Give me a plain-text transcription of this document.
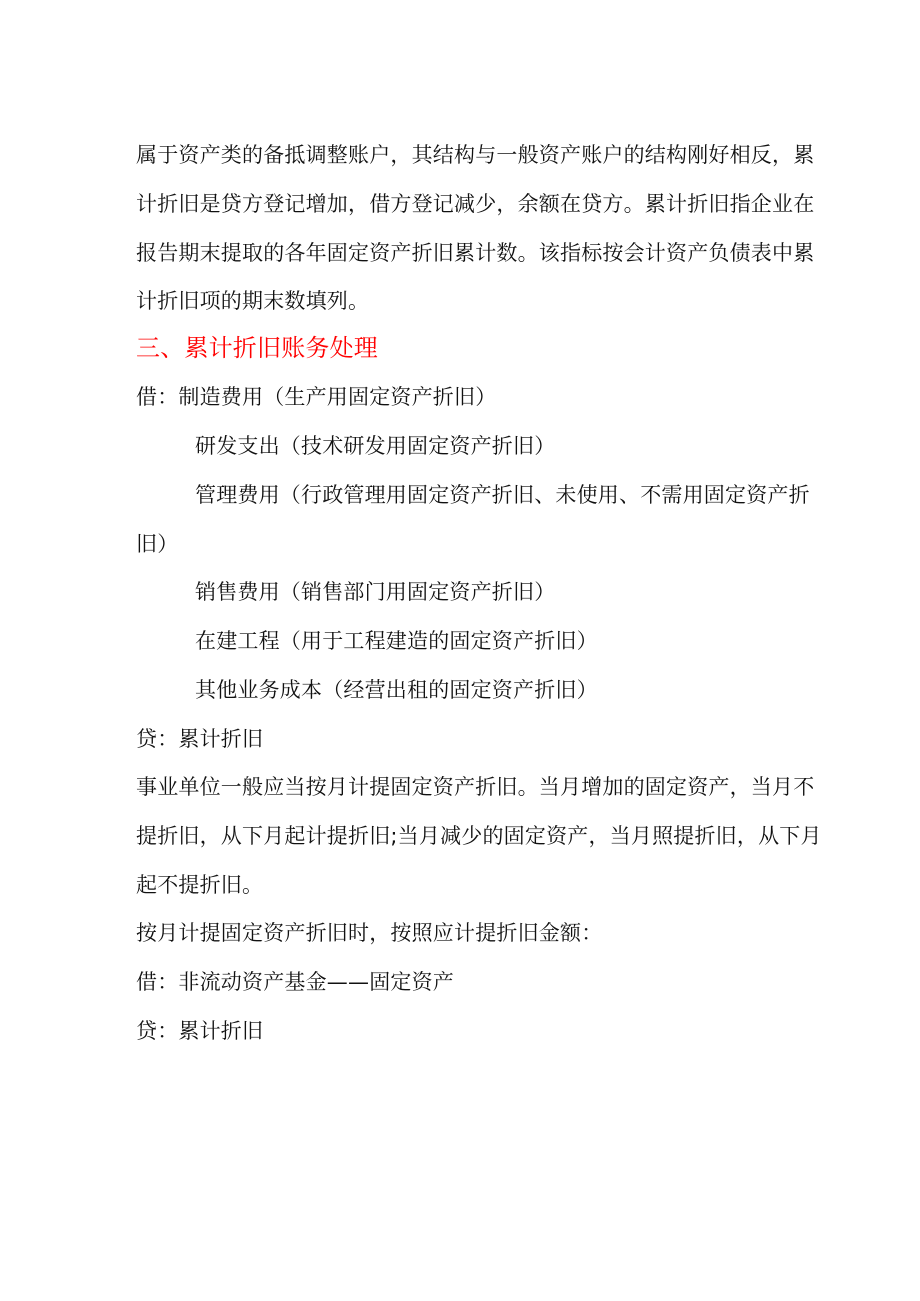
属于资产类的备抵调整账户，其结构与一般资产账户的结构刚好相反，累
计折旧是贷方登记增加，借方登记减少，余额在贷方。累计折旧指企业在
报告期末提取的各年固定资产折旧累计数。该指标按会计资产负债表中累
计折旧项的期末数填列。
三、累计折旧账务处理
借：制造费用（生产用固定资产折旧）
研发支出（技术研发用固定资产折旧）
管理费用（行政管理用固定资产折旧、未使用、不需用固定资产折
旧）
销售费用（销售部门用固定资产折旧）
在建工程（用于工程建造的固定资产折旧）
其他业务成本（经营出租的固定资产折旧）
贷：累计折旧
事业单位一般应当按月计提固定资产折旧。当月增加的固定资产，当月不
提折旧，从下月起计提折旧;当月减少的固定资产，当月照提折旧，从下月
起不提折旧。
按月计提固定资产折旧时，按照应计提折旧金额：
借：非流动资产基金——固定资产
贷：累计折旧
